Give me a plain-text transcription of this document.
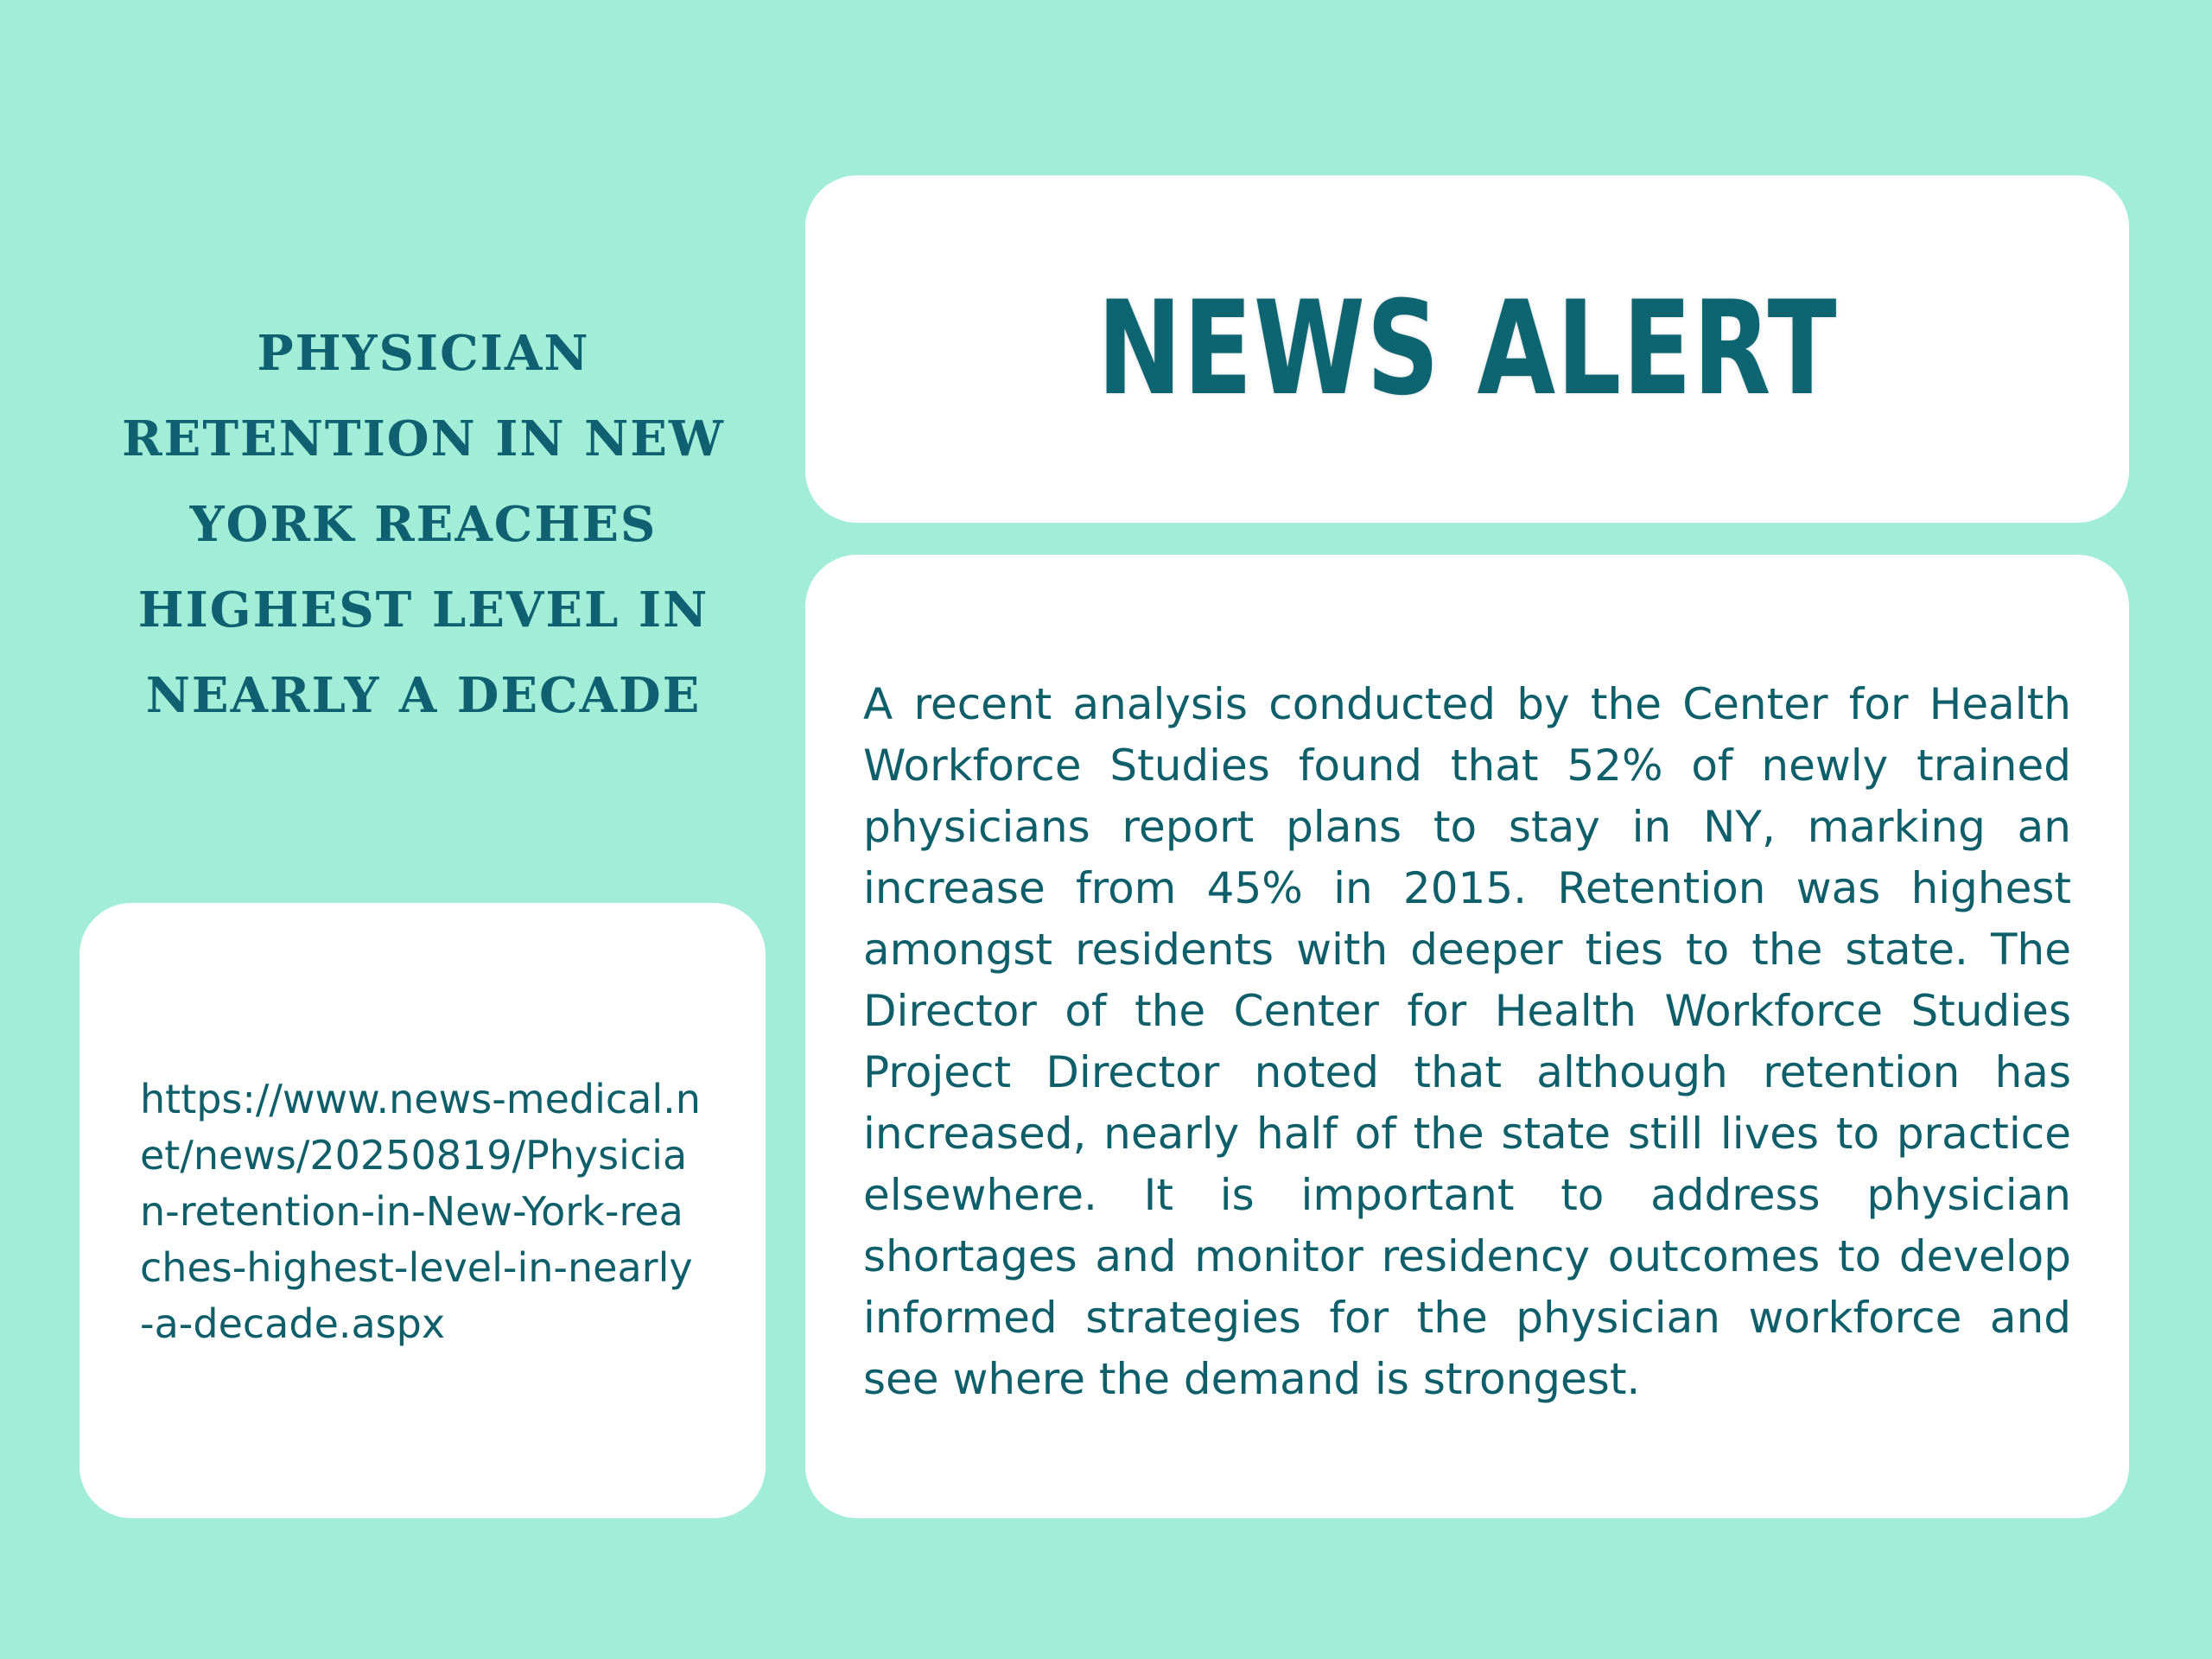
PHYSICIAN RETENTION IN NEW YORK REACHES HIGHEST LEVEL IN NEARLY A DECADE
NEWS ALERT

https://www.news-medical.net/news/20250819/Physician-retention-in-New-York-reaches-highest-level-in-nearly-a-decade.aspx

A recent analysis conducted by the Center for Health Workforce Studies found that 52% of newly trained physicians report plans to stay in NY, marking an increase from 45% in 2015. Retention was highest amongst residents with deeper ties to the state. The Director of the Center for Health Workforce Studies Project Director noted that although retention has increased, nearly half of the state still lives to practice elsewhere. It is important to address physician shortages and monitor residency outcomes to develop informed strategies for the physician workforce and see where the demand is strongest.
